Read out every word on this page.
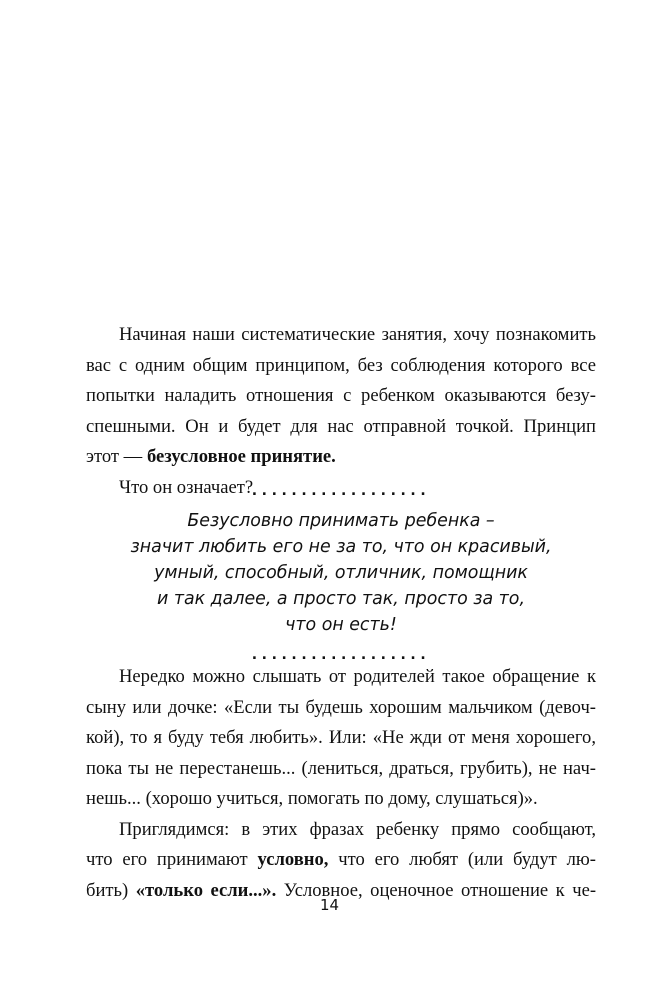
Начиная наши систематические занятия, хочу познакомить
вас с одним общим принципом, без соблюдения которого все
попытки наладить отношения с ребенком оказываются безу-
спешными. Он и будет для нас отправной точкой. Принцип
этот — безусловное принятие.
Что он означает?
..................
Безусловно принимать ребенка –
значит любить его не за то, что он красивый,
умный, способный, отличник, помощник
и так далее, а просто так, просто за то,
что он есть!
..................
Нередко можно слышать от родителей такое обращение к
сыну или дочке: «Если ты будешь хорошим мальчиком (девоч-
кой), то я буду тебя любить». Или: «Не жди от меня хорошего,
пока ты не перестанешь... (лениться, драться, грубить), не нач-
нешь... (хорошо учиться, помогать по дому, слушаться)».
Приглядимся: в этих фразах ребенку прямо сообщают,
что его принимают условно, что его любят (или будут лю-
бить) «только если...». Условное, оценочное отношение к че-
14
